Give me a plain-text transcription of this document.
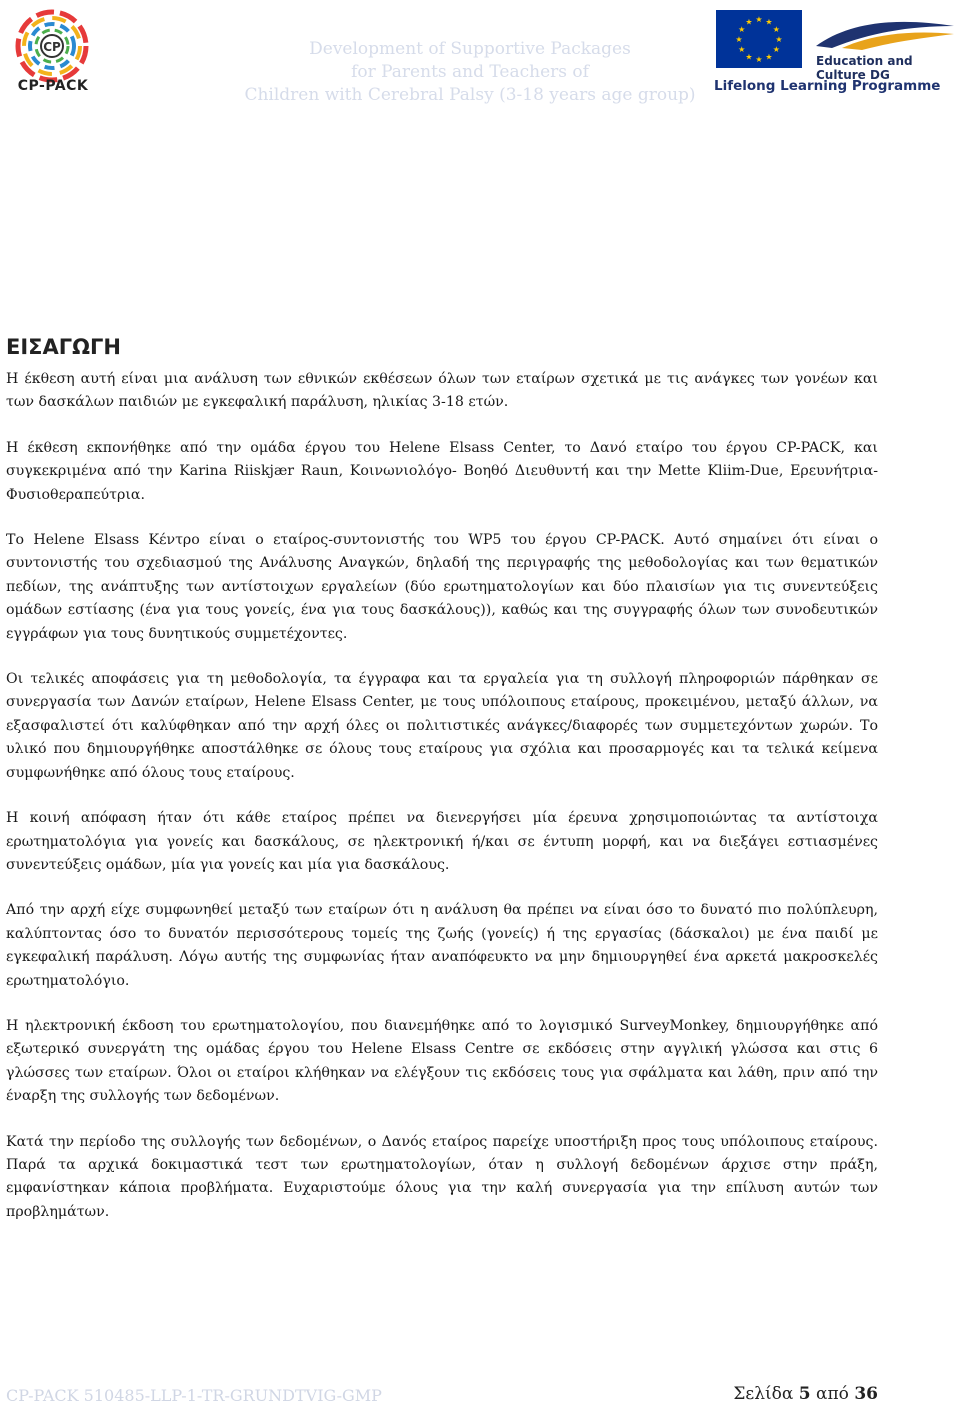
CP
CP-PACK
Development of Supportive Packages
for Parents and Teachers of
Children with Cerebral Palsy (3-18 years age group)
★ ★
★
★
★
★
★
★
★
★
★
★
Education and Culture DG
Lifelong Learning Programme
ΕΙΣΑΓΩΓΗ

Η έκθεση αυτή είναι μια ανάλυση των εθνικών εκθέσεων όλων των εταίρων σχετικά με τις ανάγκες των γονέων και των δασκάλων παιδιών με εγκεφαλική παράλυση, ηλικίας 3-18 ετών.

Η έκθεση εκπονήθηκε από την ομάδα έργου του Helene Elsass Center, το Δανό εταίρο του έργου CP-PACK, και συγκεκριμένα από την Karina Riiskjær Raun, Κοινωνιολόγο- Βοηθό Διευθυντή και την Mette Kliim-Due, Ερευνήτρια- Φυσιοθεραπεύτρια.

Το Helene Elsass Κέντρο είναι ο εταίρος-συντονιστής του WP5 του έργου CP-PACK. Αυτό σημαίνει ότι είναι ο συντονιστής του σχεδιασμού της Ανάλυσης Αναγκών, δηλαδή της περιγραφής της μεθοδολογίας και των θεματικών πεδίων, της ανάπτυξης των αντίστοιχων εργαλείων (δύο ερωτηματολογίων και δύο πλαισίων για τις συνεντεύξεις ομάδων εστίασης (ένα για τους γονείς, ένα για τους δασκάλους)), καθώς και της συγγραφής όλων των συνοδευτικών εγγράφων για τους δυνητικούς συμμετέχοντες.

Οι τελικές αποφάσεις για τη μεθοδολογία, τα έγγραφα και τα εργαλεία για τη συλλογή πληροφοριών πάρθηκαν σε συνεργασία των Δανών εταίρων, Helene Elsass Center, με τους υπόλοιπους εταίρους, προκειμένου, μεταξύ άλλων, να εξασφαλιστεί ότι καλύφθηκαν από την αρχή όλες οι πολιτιστικές ανάγκες/διαφορές των συμμετεχόντων χωρών. Το υλικό που δημιουργήθηκε αποστάλθηκε σε όλους τους εταίρους για σχόλια και προσαρμογές και τα τελικά κείμενα συμφωνήθηκε από όλους τους εταίρους.

Η κοινή απόφαση ήταν ότι κάθε εταίρος πρέπει να διενεργήσει μία έρευνα χρησιμοποιώντας τα αντίστοιχα ερωτηματολόγια για γονείς και δασκάλους, σε ηλεκτρονική ή/και σε έντυπη μορφή, και να διεξάγει εστιασμένες συνεντεύξεις ομάδων, μία για γονείς και μία για δασκάλους.

Από την αρχή είχε συμφωνηθεί μεταξύ των εταίρων ότι η ανάλυση θα πρέπει να είναι όσο το δυνατό πιο πολύπλευρη, καλύπτοντας όσο το δυνατόν περισσότερους τομείς της ζωής (γονείς) ή της εργασίας (δάσκαλοι) με ένα παιδί με εγκεφαλική παράλυση. Λόγω αυτής της συμφωνίας ήταν αναπόφευκτο να μην δημιουργηθεί ένα αρκετά μακροσκελές ερωτηματολόγιο.

Η ηλεκτρονική έκδοση του ερωτηματολογίου, που διανεμήθηκε από το λογισμικό SurveyMonkey, δημιουργήθηκε από εξωτερικό συνεργάτη της ομάδας έργου του Helene Elsass Centre σε εκδόσεις στην αγγλική γλώσσα και στις 6 γλώσσες των εταίρων. Όλοι οι εταίροι κλήθηκαν να ελέγξουν τις εκδόσεις τους για σφάλματα και λάθη, πριν από την έναρξη της συλλογής των δεδομένων.

Κατά την περίοδο της συλλογής των δεδομένων, ο Δανός εταίρος παρείχε υποστήριξη προς τους υπόλοιπους εταίρους. Παρά τα αρχικά δοκιμαστικά τεστ των ερωτηματολογίων, όταν η συλλογή δεδομένων άρχισε στην πράξη, εμφανίστηκαν κάποια προβλήματα. Ευχαριστούμε όλους για την καλή συνεργασία για την επίλυση αυτών των προβλημάτων.

CP-PACK 510485-LLP-1-TR-GRUNDTVIG-GMP	Σελίδα 5 από 36
